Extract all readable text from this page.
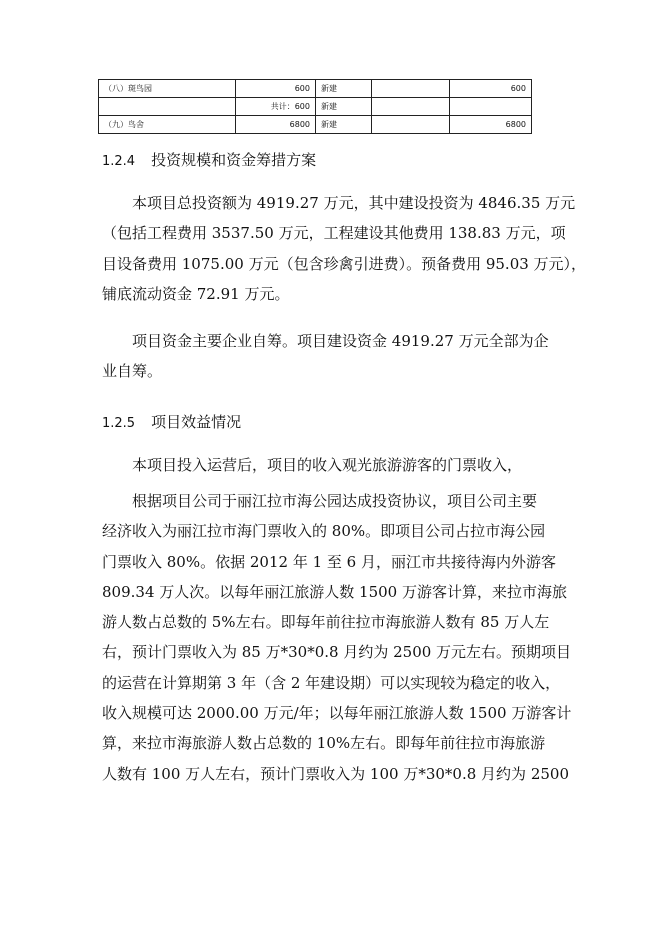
（八）斑鸟园	600	新建		600
	共计：600	新建		
（九）鸟舍	6800	新建		6800
1.2.4 投资规模和资金筹措方案
本项目总投资额为 4919.27 万元，其中建设投资为 4846.35 万元
（包括工程费用 3537.50 万元，工程建设其他费用 138.83 万元，项
目设备费用 1075.00 万元（包含珍禽引进费）。预备费用 95.03 万元），
铺底流动资金 72.91 万元。
项目资金主要企业自筹。项目建设资金 4919.27 万元全部为企
业自筹。
1.2.5 项目效益情况
本项目投入运营后，项目的收入观光旅游游客的门票收入，
根据项目公司于丽江拉市海公园达成投资协议，项目公司主要
经济收入为丽江拉市海门票收入的 80%。即项目公司占拉市海公园
门票收入 80%。依据 2012 年 1 至 6 月，丽江市共接待海内外游客
809.34 万人次。以每年丽江旅游人数 1500 万游客计算，来拉市海旅
游人数占总数的 5%左右。即每年前往拉市海旅游人数有 85 万人左
右，预计门票收入为 85 万*30*0.8 月约为 2500 万元左右。预期项目
的运营在计算期第 3 年（含 2 年建设期）可以实现较为稳定的收入，
收入规模可达 2000.00 万元/年；以每年丽江旅游人数 1500 万游客计
算，来拉市海旅游人数占总数的 10%左右。即每年前往拉市海旅游
人数有 100 万人左右，预计门票收入为 100 万*30*0.8 月约为 2500
